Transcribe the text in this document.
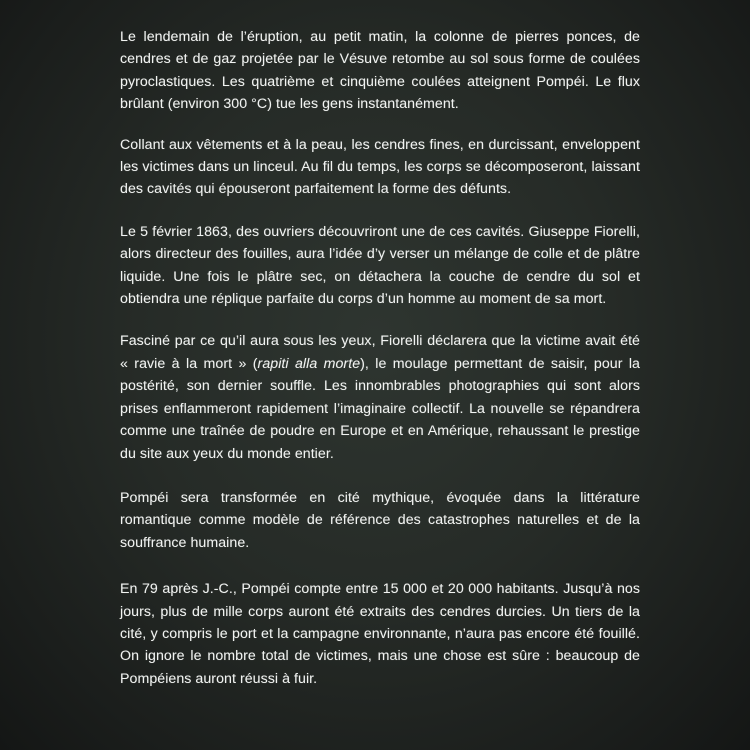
Le lendemain de l’éruption, au petit matin, la colonne de pierres ponces, de cendres et de gaz projetée par le Vésuve retombe au sol sous forme de coulées pyroclastiques. Les quatrième et cinquième coulées atteignent Pompéi. Le flux brûlant (environ 300 °C) tue les gens instantanément.

Collant aux vêtements et à la peau, les cendres fines, en durcissant, enveloppent les victimes dans un linceul. Au fil du temps, les corps se décomposeront, laissant des cavités qui épouseront parfaitement la forme des défunts.

Le 5 février 1863, des ouvriers découvriront une de ces cavités. Giuseppe Fiorelli, alors directeur des fouilles, aura l’idée d’y verser un mélange de colle et de plâtre liquide. Une fois le plâtre sec, on détachera la couche de cendre du sol et obtiendra une réplique parfaite du corps d’un homme au moment de sa mort.

Fasciné par ce qu’il aura sous les yeux, Fiorelli déclarera que la victime avait été « ravie à la mort » (rapiti alla morte), le moulage permettant de saisir, pour la postérité, son dernier souffle. Les innombrables photographies qui sont alors prises enflammeront rapidement l’imaginaire collectif. La nouvelle se répandrera comme une traînée de poudre en Europe et en Amérique, rehaussant le prestige du site aux yeux du monde entier.

Pompéi sera transformée en cité mythique, évoquée dans la littérature romantique comme modèle de référence des catastrophes naturelles et de la souffrance humaine.

En 79 après J.-C., Pompéi compte entre 15 000 et 20 000 habitants. Jusqu’à nos jours, plus de mille corps auront été extraits des cendres durcies. Un tiers de la cité, y compris le port et la campagne environnante, n’aura pas encore été fouillé. On ignore le nombre total de victimes, mais une chose est sûre : beaucoup de Pompéiens auront réussi à fuir.
